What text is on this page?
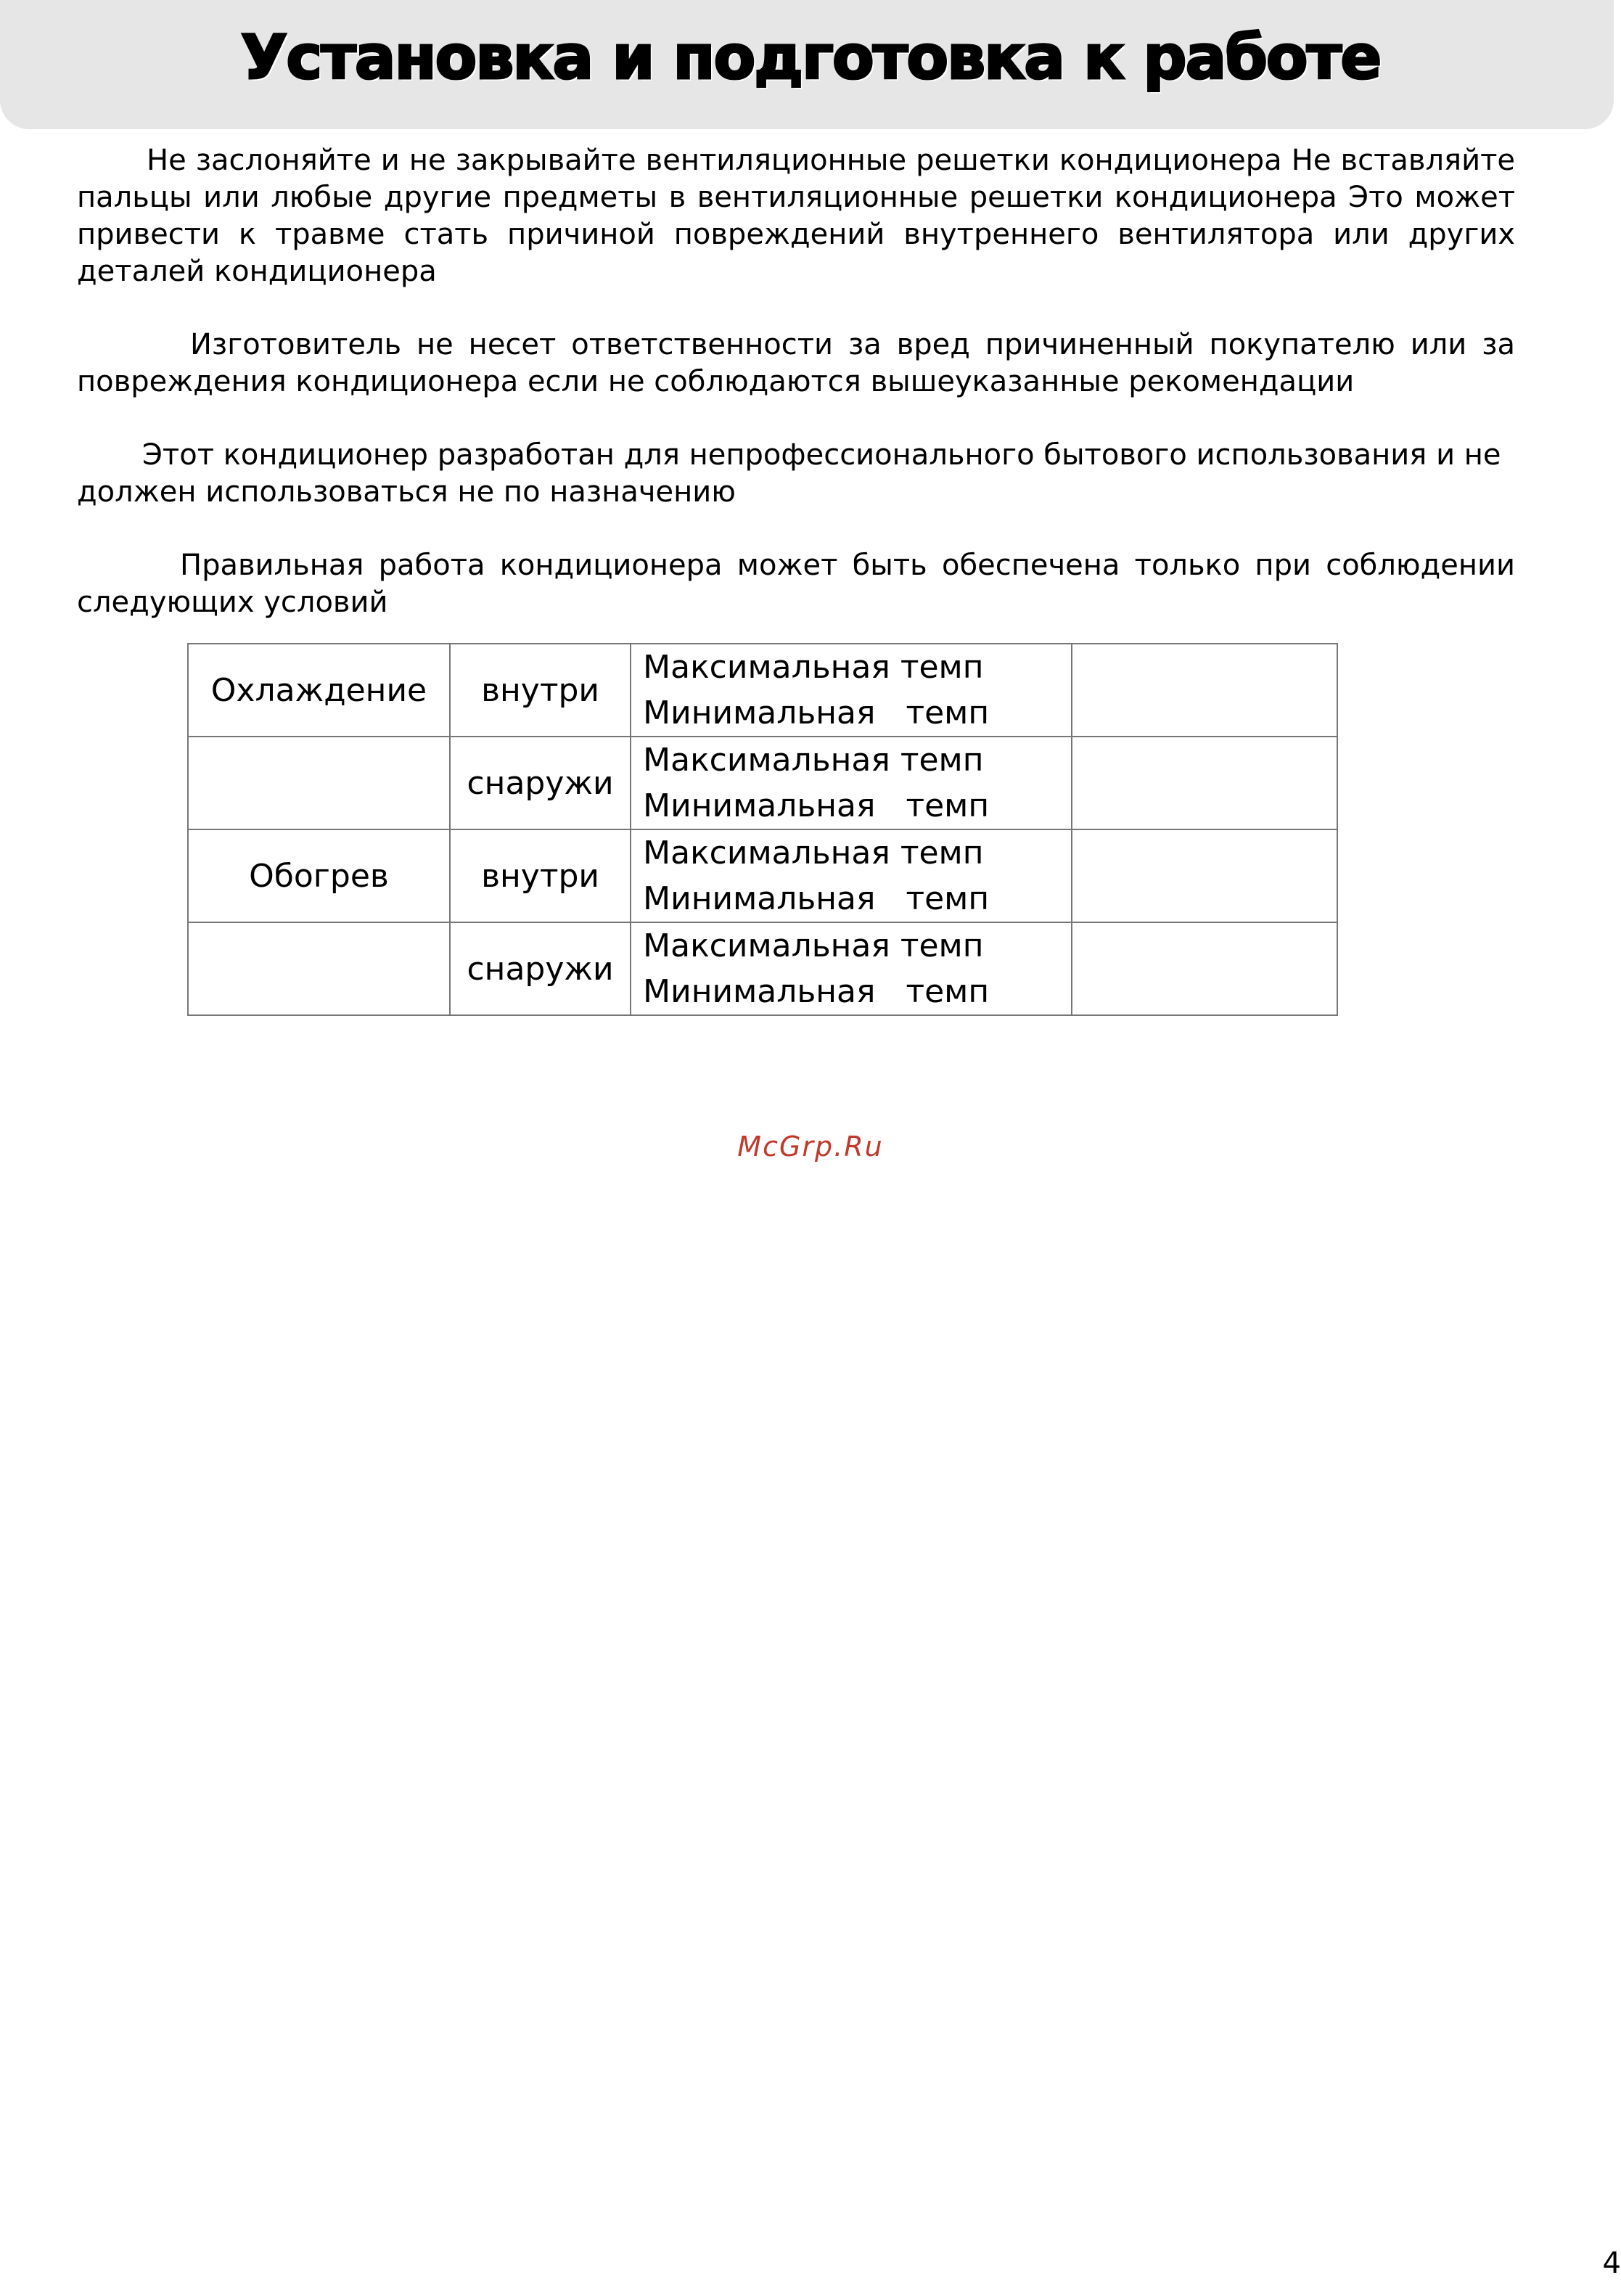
Установка и подготовка к работе

Не заслоняйте и не закрывайте вентиляционные решетки кондиционера Не вставляйте пальцы или любые другие предметы в вентиляционные решетки кондиционера Это может привести к травме стать причиной повреждений внутреннего вентилятора или других деталей кондиционера

Изготовитель не несет ответственности за вред причиненный покупателю или за повреждения кондиционера если не соблюдаются вышеуказанные рекомендации

Этот кондиционер разработан для непрофессионального бытового использования и не должен использоваться не по назначению

Правильная работа кондиционера может быть обеспечена только при соблюдении следующих условий

Охлаждение	внутри	Максимальная темп
Минимальная   темп	

	снаружи	Максимальная темп
Минимальная   темп	

Обогрев	внутри	Максимальная темп
Минимальная   темп	

	снаружи	Максимальная темп
Минимальная   темп	

McGrp.Ru
4
